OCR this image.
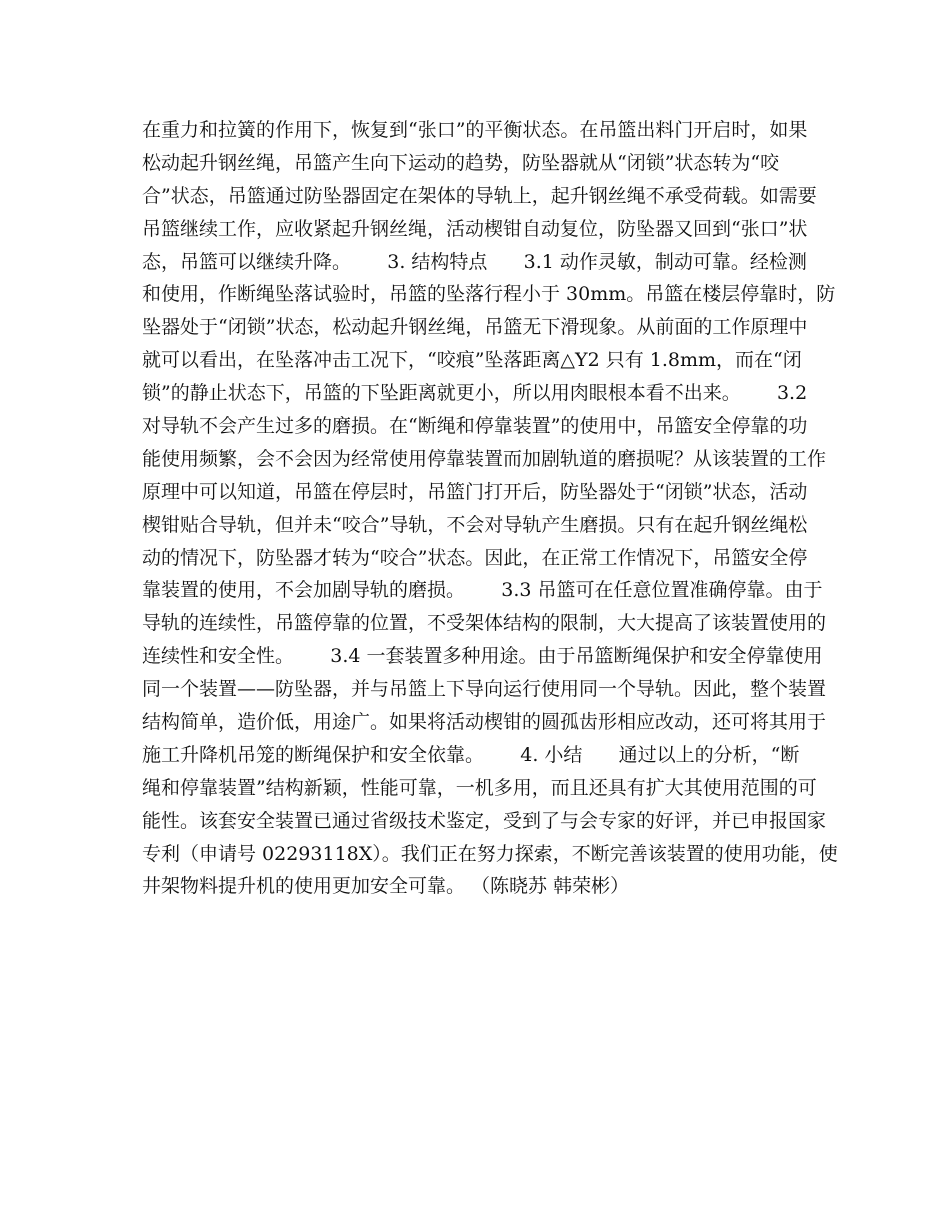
在重力和拉簧的作用下，恢复到“张口”的平衡状态。在吊篮出料门开启时，如果
松动起升钢丝绳，吊篮产生向下运动的趋势，防坠器就从“闭锁”状态转为“咬
合”状态，吊篮通过防坠器固定在架体的导轨上，起升钢丝绳不承受荷载。如需要
吊篮继续工作，应收紧起升钢丝绳，活动楔钳自动复位，防坠器又回到“张口”状
态，吊篮可以继续升降。      3. 结构特点      3.1 动作灵敏，制动可靠。经检测
和使用，作断绳坠落试验时，吊篮的坠落行程小于 30mm。吊篮在楼层停靠时，防
坠器处于“闭锁”状态，松动起升钢丝绳，吊篮无下滑现象。从前面的工作原理中
就可以看出，在坠落冲击工况下，“咬痕”坠落距离△Y2 只有 1.8mm，而在“闭
锁”的静止状态下，吊篮的下坠距离就更小，所以用肉眼根本看不出来。      3.2
对导轨不会产生过多的磨损。在“断绳和停靠装置”的使用中，吊篮安全停靠的功
能使用频繁，会不会因为经常使用停靠装置而加剧轨道的磨损呢？从该装置的工作
原理中可以知道，吊篮在停层时，吊篮门打开后，防坠器处于“闭锁”状态，活动
楔钳贴合导轨，但并未“咬合”导轨，不会对导轨产生磨损。只有在起升钢丝绳松
动的情况下，防坠器才转为“咬合”状态。因此，在正常工作情况下，吊篮安全停
靠装置的使用，不会加剧导轨的磨损。      3.3 吊篮可在任意位置准确停靠。由于
导轨的连续性，吊篮停靠的位置，不受架体结构的限制，大大提高了该装置使用的
连续性和安全性。      3.4 一套装置多种用途。由于吊篮断绳保护和安全停靠使用
同一个装置——防坠器，并与吊篮上下导向运行使用同一个导轨。因此，整个装置
结构简单，造价低，用途广。如果将活动楔钳的圆孤齿形相应改动，还可将其用于
施工升降机吊笼的断绳保护和安全依靠。      4. 小结      通过以上的分析，“断
绳和停靠装置”结构新颖，性能可靠，一机多用，而且还具有扩大其使用范围的可
能性。该套安全装置已通过省级技术鉴定，受到了与会专家的好评，并已申报国家
专利（申请号 02293118X）。我们正在努力探索，不断完善该装置的使用功能，使
井架物料提升机的使用更加安全可靠。 （陈晓苏 韩荣彬）
